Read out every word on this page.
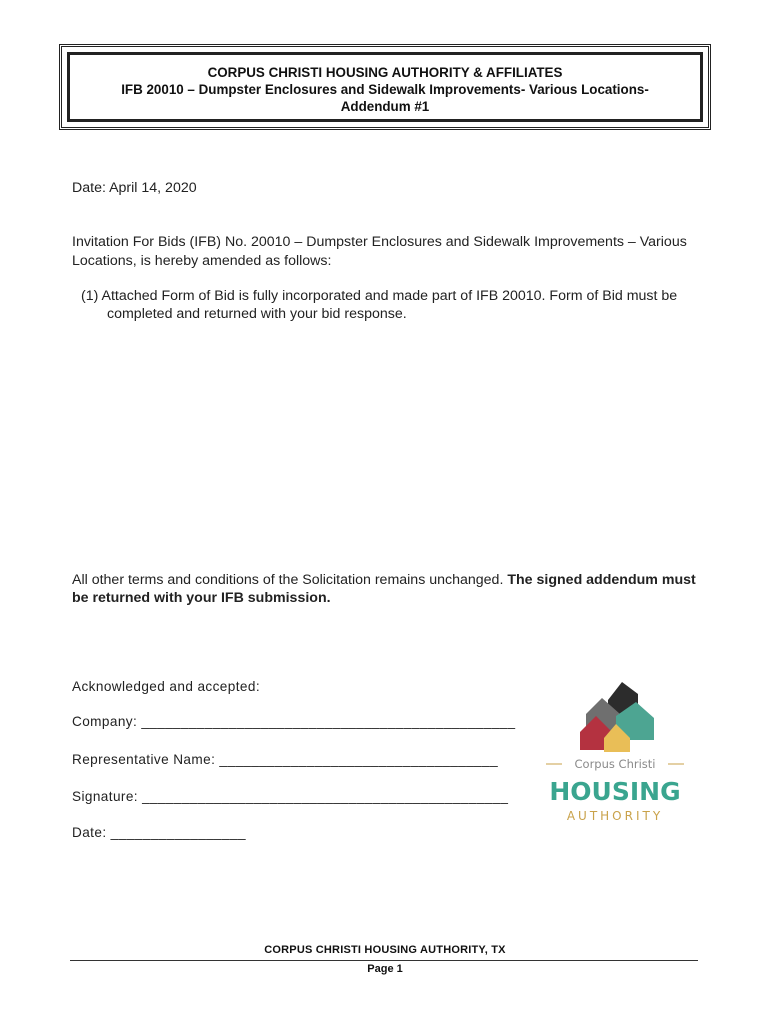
CORPUS CHRISTI HOUSING AUTHORITY & AFFILIATES
IFB 20010 – Dumpster Enclosures and Sidewalk Improvements- Various Locations-
Addendum #1
Date: April 14, 2020
Invitation For Bids (IFB) No. 20010 – Dumpster Enclosures and Sidewalk Improvements – Various Locations, is hereby amended as follows:
(1) Attached Form of Bid is fully incorporated and made part of IFB 20010. Form of Bid must be completed and returned with your bid response.
All other terms and conditions of the Solicitation remains unchanged. The signed addendum must be returned with your IFB submission.
Acknowledged and accepted:
Company: _______________________________________________
Representative Name: ___________________________________
Signature: ______________________________________________
Date: _________________
Corpus Christi
HOUSING
AUTHORITY
CORPUS CHRISTI HOUSING AUTHORITY, TX
Page 1
